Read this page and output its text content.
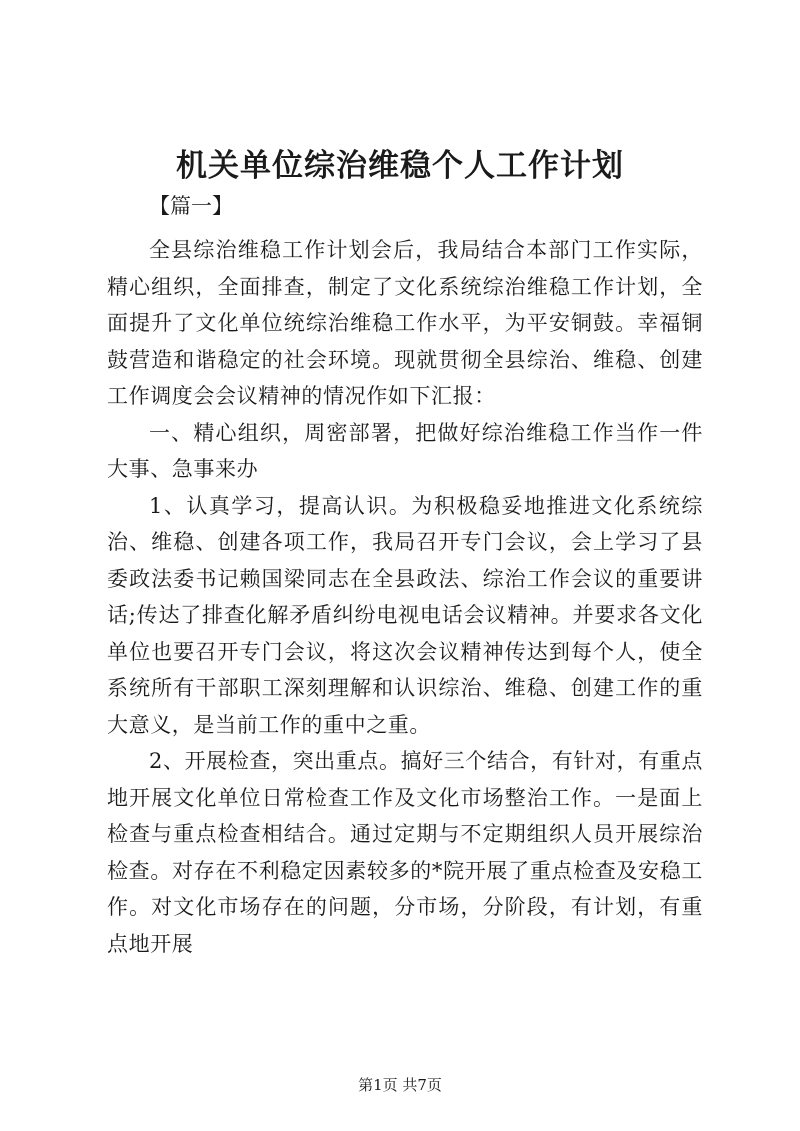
机关单位综治维稳个人工作计划

【篇一】

全县综治维稳工作计划会后，我局结合本部门工作实际，精心组织，全面排查，制定了文化系统综治维稳工作计划，全面提升了文化单位统综治维稳工作水平，为平安铜鼓。幸福铜鼓营造和谐稳定的社会环境。现就贯彻全县综治、维稳、创建工作调度会会议精神的情况作如下汇报：

一、精心组织，周密部署，把做好综治维稳工作当作一件大事、急事来办

1、认真学习，提高认识。为积极稳妥地推进文化系统综治、维稳、创建各项工作，我局召开专门会议，会上学习了县委政法委书记赖国梁同志在全县政法、综治工作会议的重要讲话;传达了排查化解矛盾纠纷电视电话会议精神。并要求各文化单位也要召开专门会议，将这次会议精神传达到每个人，使全系统所有干部职工深刻理解和认识综治、维稳、创建工作的重大意义，是当前工作的重中之重。

2、开展检查，突出重点。搞好三个结合，有针对，有重点地开展文化单位日常检查工作及文化市场整治工作。一是面上检查与重点检查相结合。通过定期与不定期组织人员开展综治检查。对存在不利稳定因素较多的*院开展了重点检查及安稳工作。对文化市场存在的问题，分市场，分阶段，有计划，有重点地开展

第1页 共7页
